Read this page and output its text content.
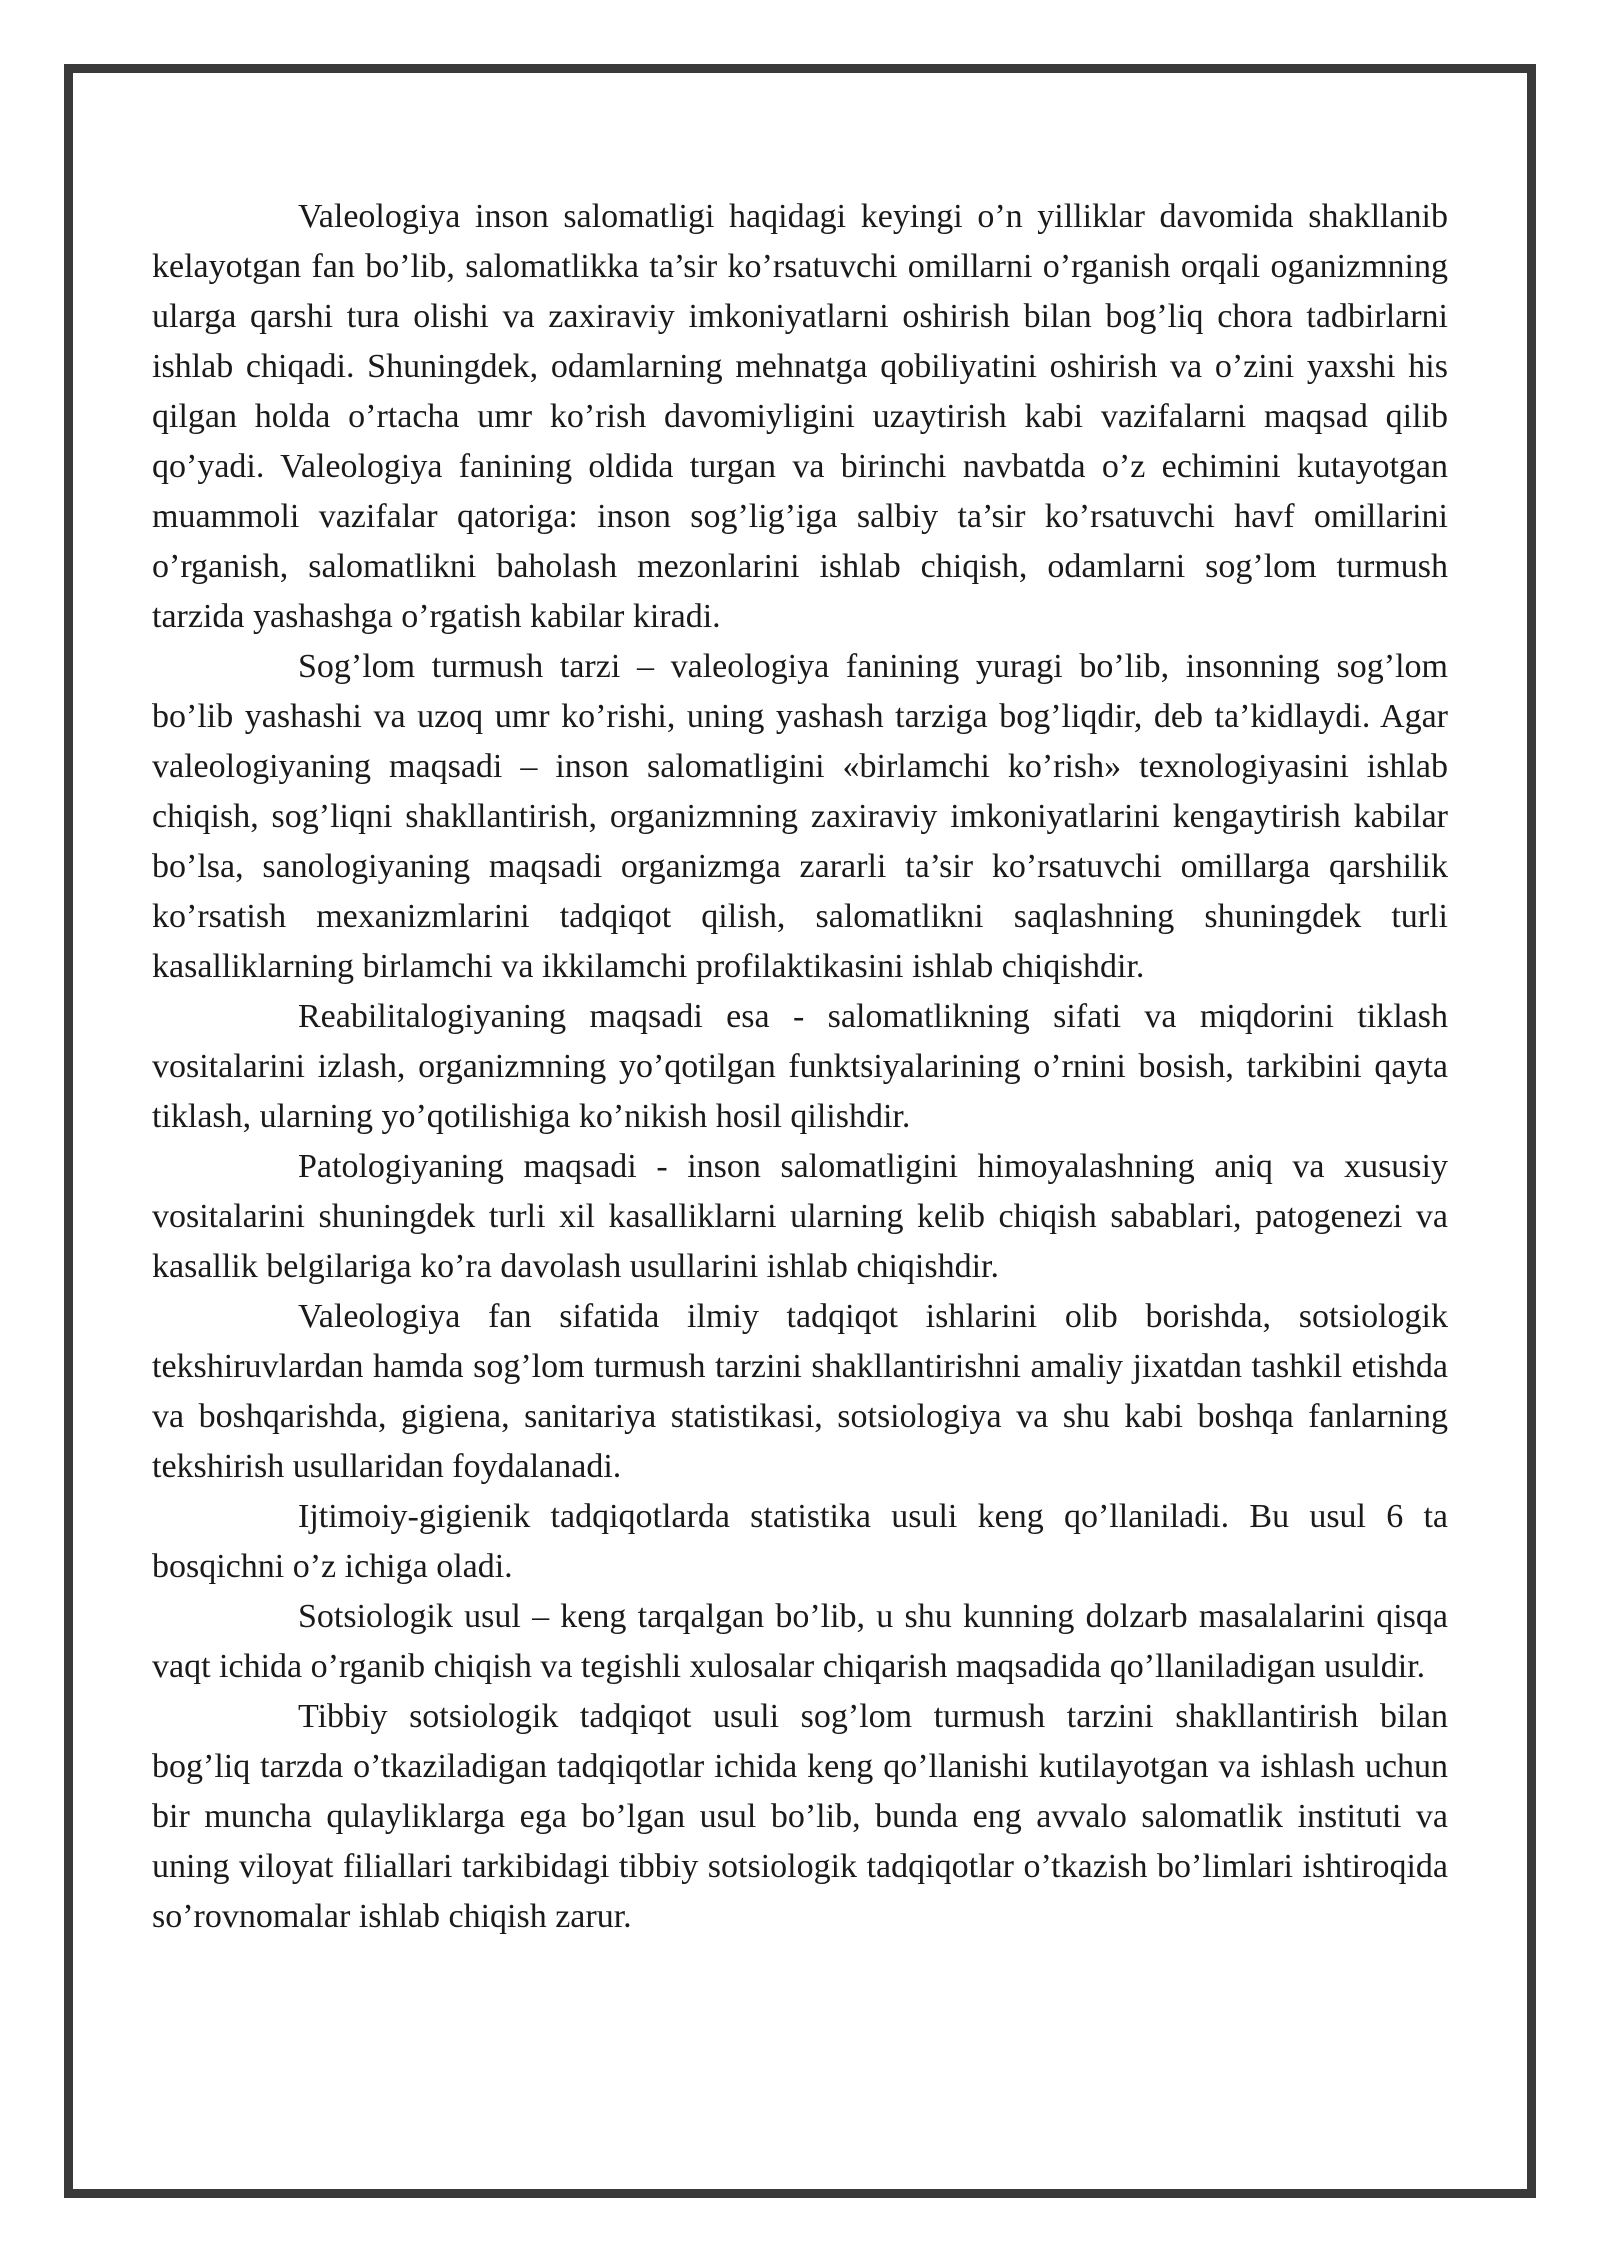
Valeologiya inson salomatligi haqidagi keyingi o’n yilliklar davomida shakllanib kelayotgan fan bo’lib, salomatlikka ta’sir ko’rsatuvchi omillarni o’rganish orqali oganizmning ularga qarshi tura olishi va zaxiraviy imkoniyatlarni oshirish bilan bog’liq chora tadbirlarni ishlab chiqadi. Shuningdek, odamlarning mehnatga qobiliyatini oshirish va o’zini yaxshi his qilgan holda o’rtacha umr ko’rish davomiyligini uzaytirish kabi vazifalarni maqsad qilib qo’yadi. Valeologiya fanining oldida turgan va birinchi navbatda o’z echimini kutayotgan muammoli vazifalar qatoriga: inson sog’lig’iga salbiy ta’sir ko’rsatuvchi havf omillarini o’rganish, salomatlikni baholash mezonlarini ishlab chiqish, odamlarni sog’lom turmush tarzida yashashga o’rgatish kabilar kiradi.

Sog’lom turmush tarzi – valeologiya fanining yuragi bo’lib, insonning sog’lom bo’lib yashashi va uzoq umr ko’rishi, uning yashash tarziga bog’liqdir, deb ta’kidlaydi. Agar valeologiyaning maqsadi – inson salomatligini «birlamchi ko’rish» texnologiyasini ishlab chiqish, sog’liqni shakllantirish, organizmning zaxiraviy imkoniyatlarini kengaytirish kabilar bo’lsa, sanologiyaning maqsadi organizmga zararli ta’sir ko’rsatuvchi omillarga qarshilik ko’rsatish mexanizmlarini tadqiqot qilish, salomatlikni saqlashning shuningdek turli kasalliklarning birlamchi va ikkilamchi profilaktikasini ishlab chiqishdir.

Reabilitalogiyaning maqsadi esa - salomatlikning sifati va miqdorini tiklash vositalarini izlash, organizmning yo’qotilgan funktsiyalarining o’rnini bosish, tarkibini qayta tiklash, ularning yo’qotilishiga ko’nikish hosil qilishdir.

Patologiyaning maqsadi - inson salomatligini himoyalashning aniq va xususiy vositalarini shuningdek turli xil kasalliklarni ularning kelib chiqish sabablari, patogenezi va kasallik belgilariga ko’ra davolash usullarini ishlab chiqishdir.

Valeologiya fan sifatida ilmiy tadqiqot ishlarini olib borishda, sotsiologik tekshiruvlardan hamda sog’lom turmush tarzini shakllantirishni amaliy jixatdan tashkil etishda va boshqarishda, gigiena, sanitariya statistikasi, sotsiologiya va shu kabi boshqa fanlarning tekshirish usullaridan foydalanadi.

Ijtimoiy-gigienik tadqiqotlarda statistika usuli keng qo’llaniladi. Bu usul 6 ta bosqichni o’z ichiga oladi.

Sotsiologik usul – keng tarqalgan bo’lib, u shu kunning dolzarb masalalarini qisqa vaqt ichida o’rganib chiqish va tegishli xulosalar chiqarish maqsadida qo’llaniladigan usuldir.

Tibbiy sotsiologik tadqiqot usuli sog’lom turmush tarzini shakllantirish bilan bog’liq tarzda o’tkaziladigan tadqiqotlar ichida keng qo’llanishi kutilayotgan va ishlash uchun bir muncha qulayliklarga ega bo’lgan usul bo’lib, bunda eng avvalo salomatlik instituti va uning viloyat filiallari tarkibidagi tibbiy sotsiologik tadqiqotlar o’tkazish bo’limlari ishtiroqida so’rovnomalar ishlab chiqish zarur.
